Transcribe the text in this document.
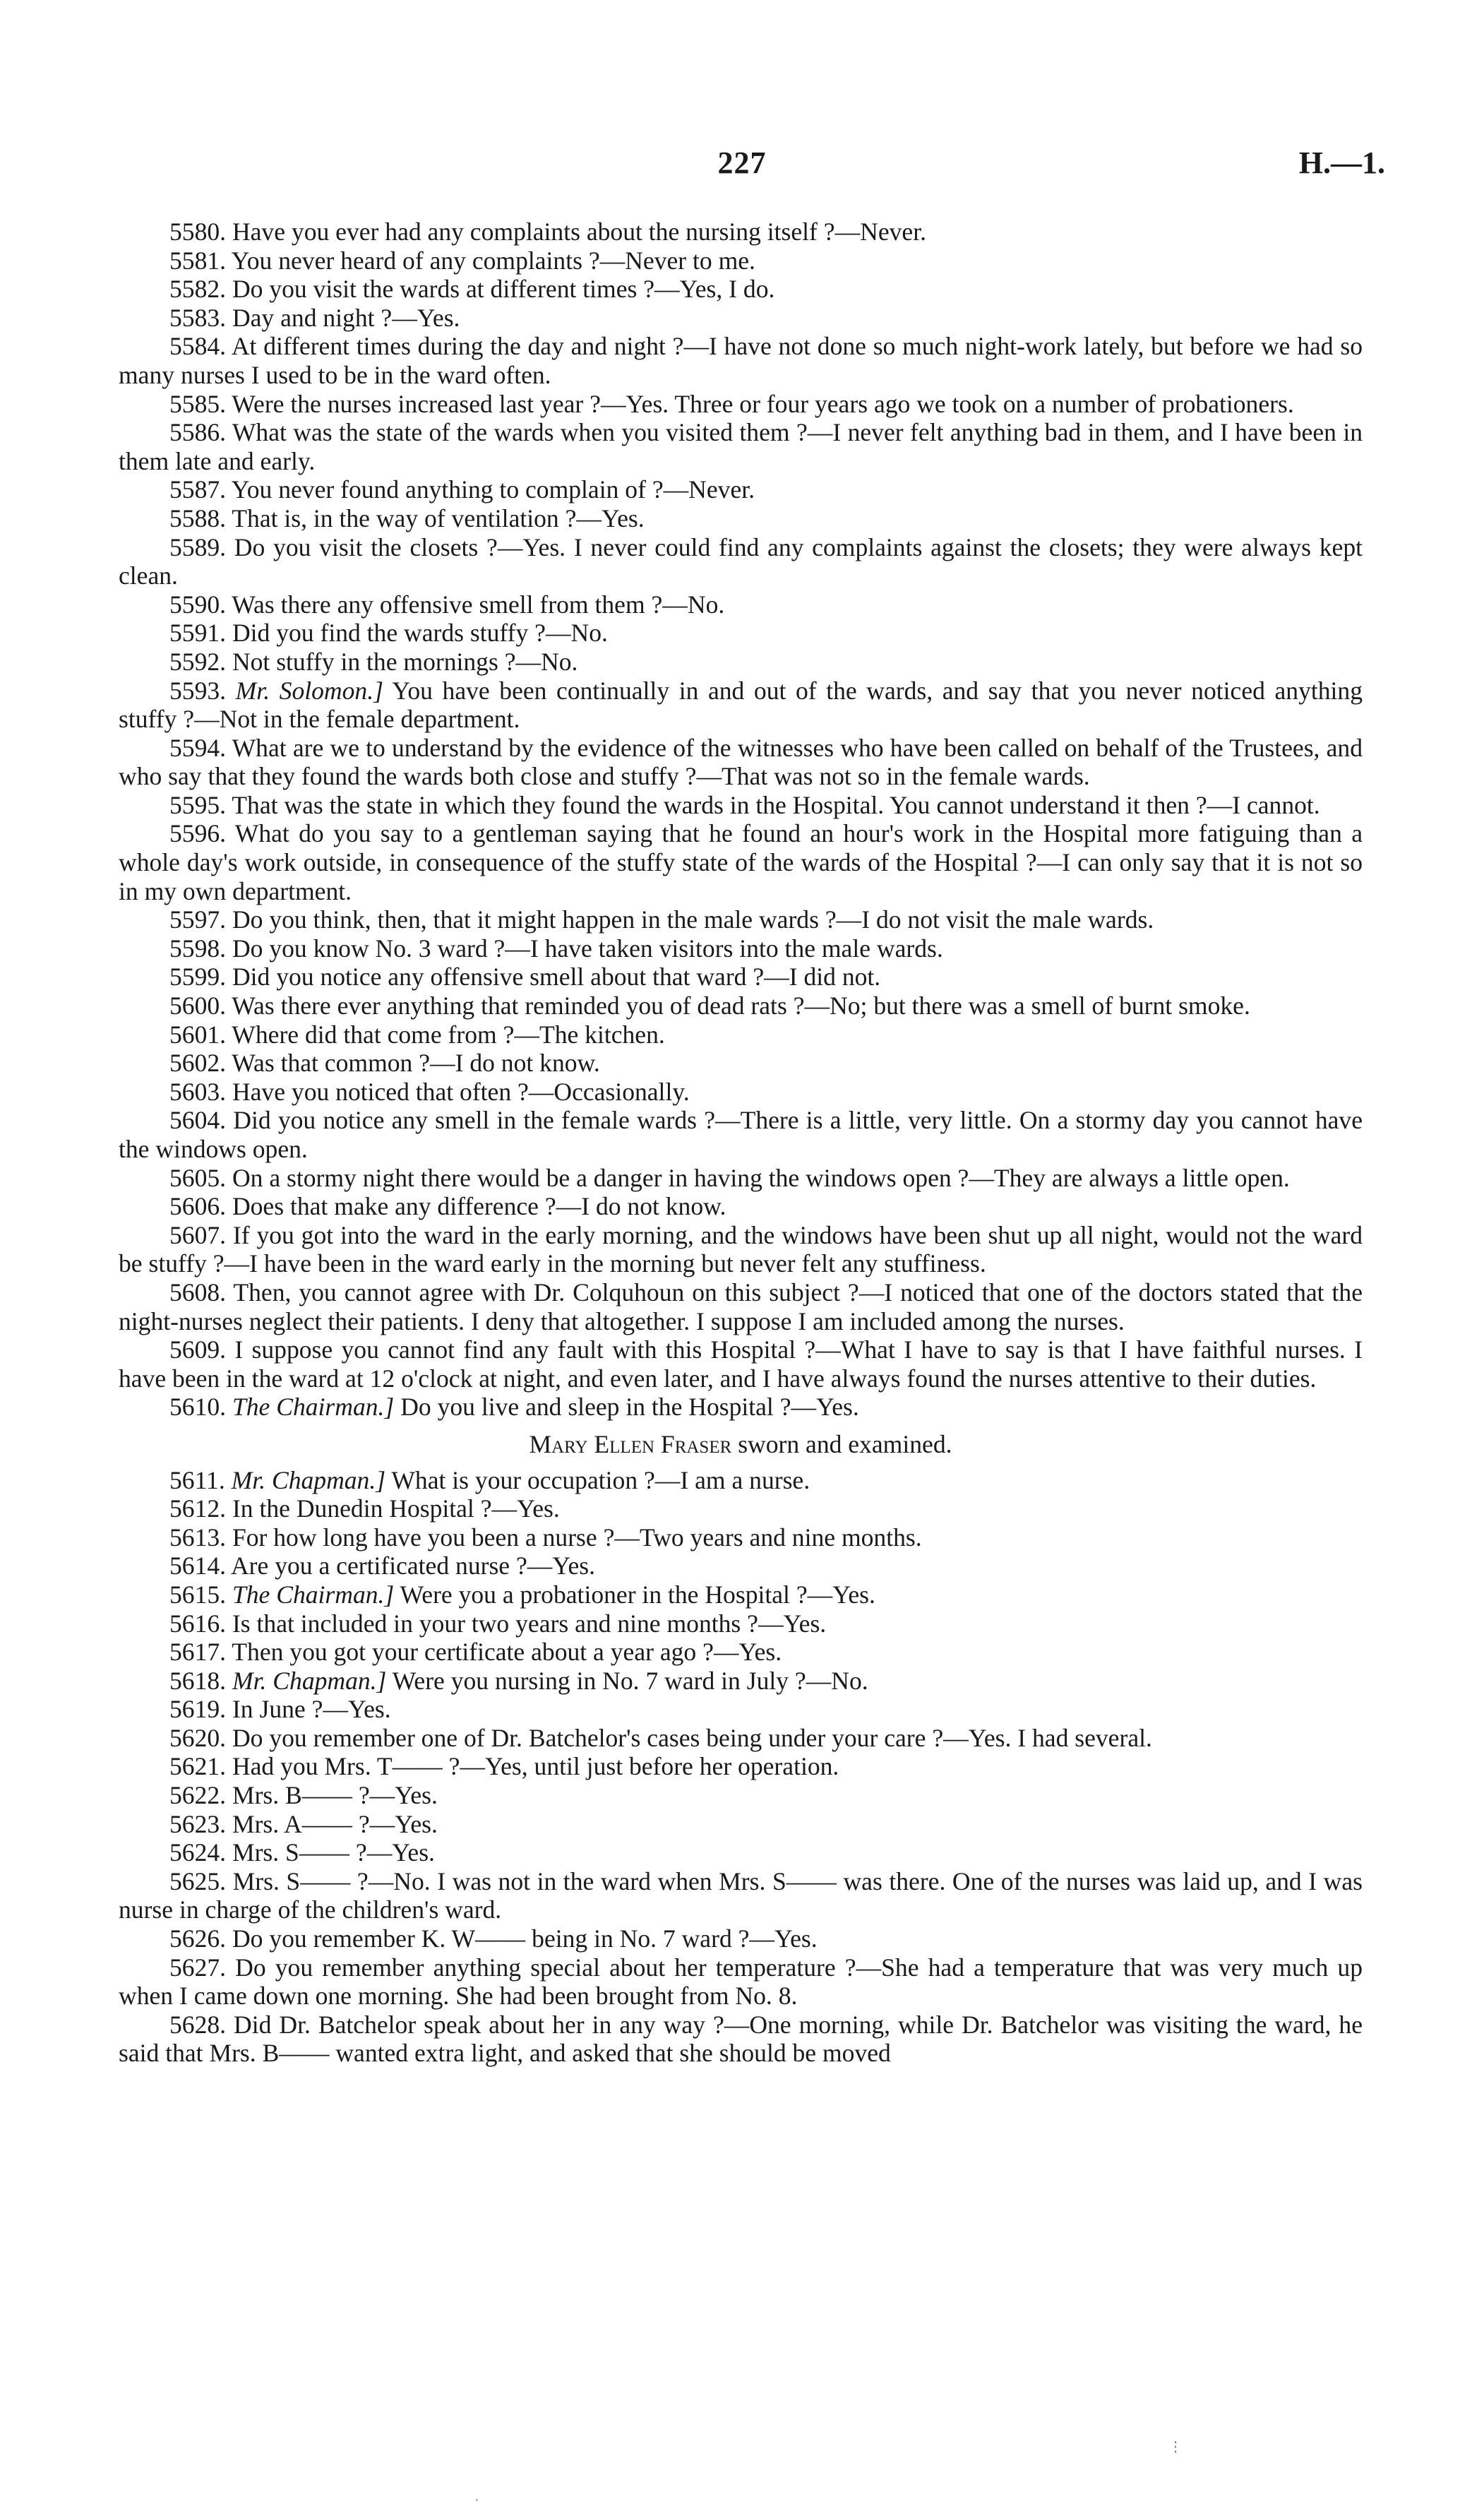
227	H.—1.

5580. Have you ever had any complaints about the nursing itself ?—Never.

5581. You never heard of any complaints ?—Never to me.

5582. Do you visit the wards at different times ?—Yes, I do.

5583. Day and night ?—Yes.

5584. At different times during the day and night ?—I have not done so much night-work lately, but before we had so many nurses I used to be in the ward often.

5585. Were the nurses increased last year ?—Yes. Three or four years ago we took on a number of probationers.

5586. What was the state of the wards when you visited them ?—I never felt anything bad in them, and I have been in them late and early.

5587. You never found anything to complain of ?—Never.

5588. That is, in the way of ventilation ?—Yes.

5589. Do you visit the closets ?—Yes. I never could find any complaints against the closets; they were always kept clean.

5590. Was there any offensive smell from them ?—No.

5591. Did you find the wards stuffy ?—No.

5592. Not stuffy in the mornings ?—No.

5593. Mr. Solomon.] You have been continually in and out of the wards, and say that you never noticed anything stuffy ?—Not in the female department.

5594. What are we to understand by the evidence of the witnesses who have been called on behalf of the Trustees, and who say that they found the wards both close and stuffy ?—That was not so in the female wards.

5595. That was the state in which they found the wards in the Hospital. You cannot understand it then ?—I cannot.

5596. What do you say to a gentleman saying that he found an hour's work in the Hospital more fatiguing than a whole day's work outside, in consequence of the stuffy state of the wards of the Hospital ?—I can only say that it is not so in my own department.

5597. Do you think, then, that it might happen in the male wards ?—I do not visit the male wards.

5598. Do you know No. 3 ward ?—I have taken visitors into the male wards.

5599. Did you notice any offensive smell about that ward ?—I did not.

5600. Was there ever anything that reminded you of dead rats ?—No; but there was a smell of burnt smoke.

5601. Where did that come from ?—The kitchen.

5602. Was that common ?—I do not know.

5603. Have you noticed that often ?—Occasionally.

5604. Did you notice any smell in the female wards ?—There is a little, very little. On a stormy day you cannot have the windows open.

5605. On a stormy night there would be a danger in having the windows open ?—They are always a little open.

5606. Does that make any difference ?—I do not know.

5607. If you got into the ward in the early morning, and the windows have been shut up all night, would not the ward be stuffy ?—I have been in the ward early in the morning but never felt any stuffiness.

5608. Then, you cannot agree with Dr. Colquhoun on this subject ?—I noticed that one of the doctors stated that the night-nurses neglect their patients. I deny that altogether. I suppose I am included among the nurses.

5609. I suppose you cannot find any fault with this Hospital ?—What I have to say is that I have faithful nurses. I have been in the ward at 12 o'clock at night, and even later, and I have always found the nurses attentive to their duties.

5610. The Chairman.] Do you live and sleep in the Hospital ?—Yes.

Mary Ellen Fraser sworn and examined.

5611. Mr. Chapman.] What is your occupation ?—I am a nurse.

5612. In the Dunedin Hospital ?—Yes.

5613. For how long have you been a nurse ?—Two years and nine months.

5614. Are you a certificated nurse ?—Yes.

5615. The Chairman.] Were you a probationer in the Hospital ?—Yes.

5616. Is that included in your two years and nine months ?—Yes.

5617. Then you got your certificate about a year ago ?—Yes.

5618. Mr. Chapman.] Were you nursing in No. 7 ward in July ?—No.

5619. In June ?—Yes.

5620. Do you remember one of Dr. Batchelor's cases being under your care ?—Yes. I had several.

5621. Had you Mrs. T—— ?—Yes, until just before her operation.

5622. Mrs. B—— ?—Yes.

5623. Mrs. A—— ?—Yes.

5624. Mrs. S—— ?—Yes.

5625. Mrs. S—— ?—No. I was not in the ward when Mrs. S—— was there. One of the nurses was laid up, and I was nurse in charge of the children's ward.

5626. Do you remember K. W—— being in No. 7 ward ?—Yes.

5627. Do you remember anything special about her temperature ?—She had a temperature that was very much up when I came down one morning. She had been brought from No. 8.

5628. Did Dr. Batchelor speak about her in any way ?—One morning, while Dr. Batchelor was visiting the ward, he said that Mrs. B—— wanted extra light, and asked that she should be moved

⋮
·
